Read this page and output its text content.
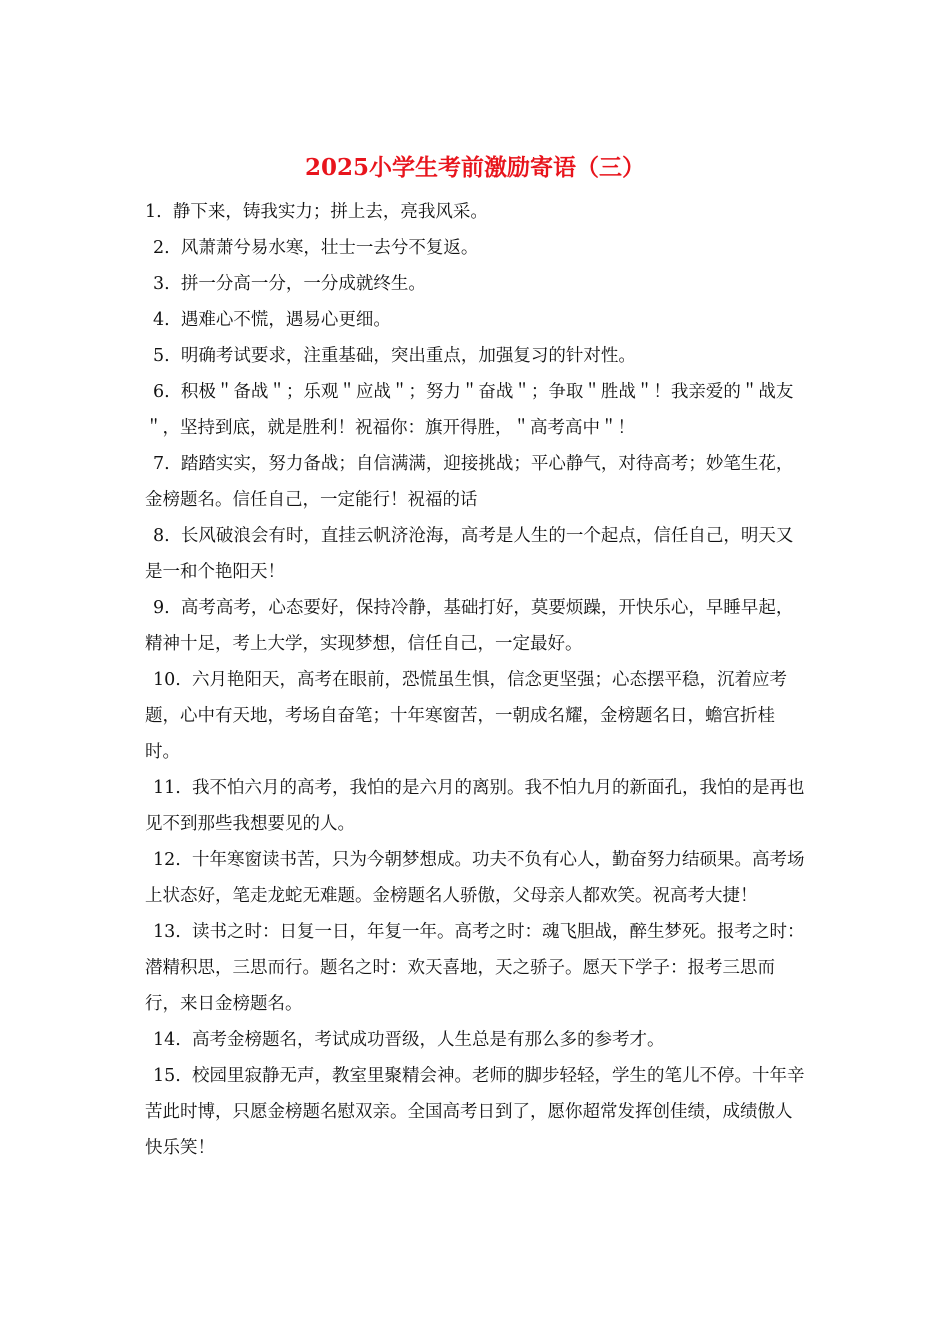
2025小学生考前激励寄语（三）
1. 静下来，铸我实力；拼上去，亮我风采。
2. 风萧萧兮易水寒，壮士一去兮不复返。
3. 拼一分高一分，一分成就终生。
4. 遇难心不慌，遇易心更细。
5. 明确考试要求，注重基础，突出重点，加强复习的针对性。
6. 积极＂备战＂；乐观＂应战＂；努力＂奋战＂；争取＂胜战＂！我亲爱的＂战友＂，坚持到底，就是胜利！祝福你：旗开得胜，＂高考高中＂！
7. 踏踏实实，努力备战；自信满满，迎接挑战；平心静气，对待高考；妙笔生花，金榜题名。信任自己，一定能行！祝福的话
8. 长风破浪会有时，直挂云帆济沧海，高考是人生的一个起点，信任自己，明天又是一和个艳阳天！
9. 高考高考，心态要好，保持冷静，基础打好，莫要烦躁，开快乐心，早睡早起，精神十足，考上大学，实现梦想，信任自己，一定最好。
10. 六月艳阳天，高考在眼前，恐慌虽生惧，信念更坚强；心态摆平稳，沉着应考题，心中有天地，考场自奋笔；十年寒窗苦，一朝成名耀，金榜题名日，蟾宫折桂时。
11. 我不怕六月的高考，我怕的是六月的离别。我不怕九月的新面孔，我怕的是再也见不到那些我想要见的人。
12. 十年寒窗读书苦，只为今朝梦想成。功夫不负有心人，勤奋努力结硕果。高考场上状态好，笔走龙蛇无难题。金榜题名人骄傲，父母亲人都欢笑。祝高考大捷！
13. 读书之时：日复一日，年复一年。高考之时：魂飞胆战，醉生梦死。报考之时：潜精积思，三思而行。题名之时：欢天喜地，天之骄子。愿天下学子：报考三思而行，来日金榜题名。
14. 高考金榜题名，考试成功晋级，人生总是有那么多的参考才。
15. 校园里寂静无声，教室里聚精会神。老师的脚步轻轻，学生的笔儿不停。十年辛苦此时博，只愿金榜题名慰双亲。全国高考日到了，愿你超常发挥创佳绩，成绩傲人快乐笑！
